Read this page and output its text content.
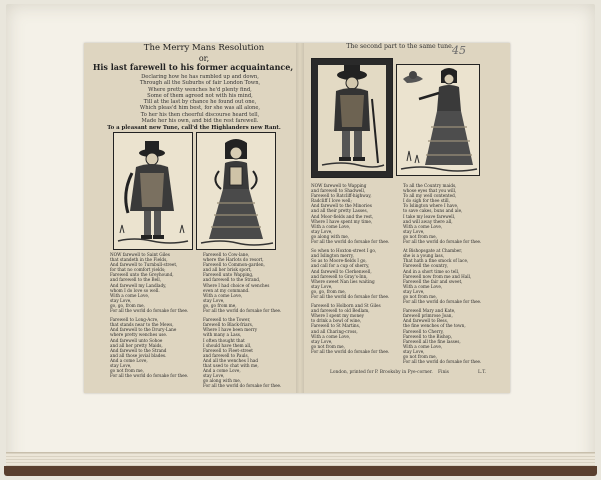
The Merry Mans Resolution
or,
His last farewell to his former acquaintance,
Declaring how he has rambled up and down,
Through all the Suburbs of fair London Town,
Where pretty wenches he'd plenty find,
Some of them agreed not with his mind,
Till at the last by chance he found out one,
Which pleas'd him best, for she was all alone,
To her his then cheerful discourse heard tell,
Made her his own, and bid the rest farewell.
To a pleasant new Tune, call'd the Highlanders new Rant.
The second part to the same tune.
45

NOW farewell to Saint Giles

that standeth in the Fields,

And farewell to Turnbull-street,

for that no comfort yields;

Farewell unto the Greyhound,

and farewell to the Bell,

And farewell my Landlady,

whom I do love so well.

With a come Love,

stay Love,

go, go, from me,

For all the world do forsake for thee.

Farewell to Long-Acre,

that stands near to the Mews,

And farewell to the Drury-Lane

where pretty wenches use.

And farewell unto Sohoe

and all her pretty Maids,

And farewell to the Strand

and all those jovial blades.

And a come Love,

stay Love,

go not from me,

For all the world do forsake for thee.

Farewell to Cow-lane,

where the Harlots do resort,

Farewell to Common-garden,

and all her brisk sport,

Farewell unto Wapping,

and farewell to the Strand,

Where I had choice of wenches

even at my command.

With a come Love,

stay Love,

go, go from me,

For all the world do forsake for thee.

Farewell to the Tower,

farewell to Black-friars,

Where I have been merry

with many a Lass,

I often thought that

I should have them all,

Farewell to Fleet-street

and farewell to Pauls,

And all the wenches I had

that used to chat with me,

And a come Love,

stay Love,

go along with me,

For all the world do forsake for thee.

NOW farewell to Wapping

and farewell to Shadwell,

Farewell to Ratcliff-highway,

Radcliff I love well;

And farewell to the Minories

and all their pretty Lasses,

And Moor-fields and the rest,

Where I have spent my time,

With a come Love,

stay Love,

go along with me,

For all the world do forsake for thee.

So when to Hoxton-street I go,

and Islington merry,

So as to Moore-fields I go,

and call for a cup of sherry,

And farewell to Clerkenwell,

and farewell to Gray's-Inn,

Where sweet Nan lies waiting

stay Love,

go, go, from me,

For all the world do forsake for thee.

Farewell to Holborn and St Giles

and farewell to old Bedlam,

Where I spent my money

to drink a bowl of wine,

Farewell to St Martins,

and all Charing-cross,

With a come Love,

stay Love,

go not from me,

For all the world do forsake for thee.

To all the Country maids,

whose eyes that you will,

To all my well contented,

I do sigh for thee still,

To Islington where I have,

to save cakes, buns and ale,

I take my leave farewell,

and will away there all,

With a come Love,

stay Love,

go not from me,

For all the world do forsake for thee.

At Bishopsgate at Chamber,

she is a young lass,

That hath a fine smock of lace,

Farewell the country,

And in a short time so tell,

Farewell now from me and Hall,

Farewell the fair and sweet,

With a come Love,

stay Love,

go not from me,

For all the world do forsake for thee.

Farewell Mary and Kate,

farewell primrose Joan,

And farewell to Bess,

the fine wenches of the town,

Farewell to Cherry,

Farewell to the Bishop,

Farewell all the fine lasses,

With a come Love,

stay Love,

go not from me,

For all the world do forsake for thee.

London, printed for P. Brooksby in Pye-corner. Finis	L.T.
